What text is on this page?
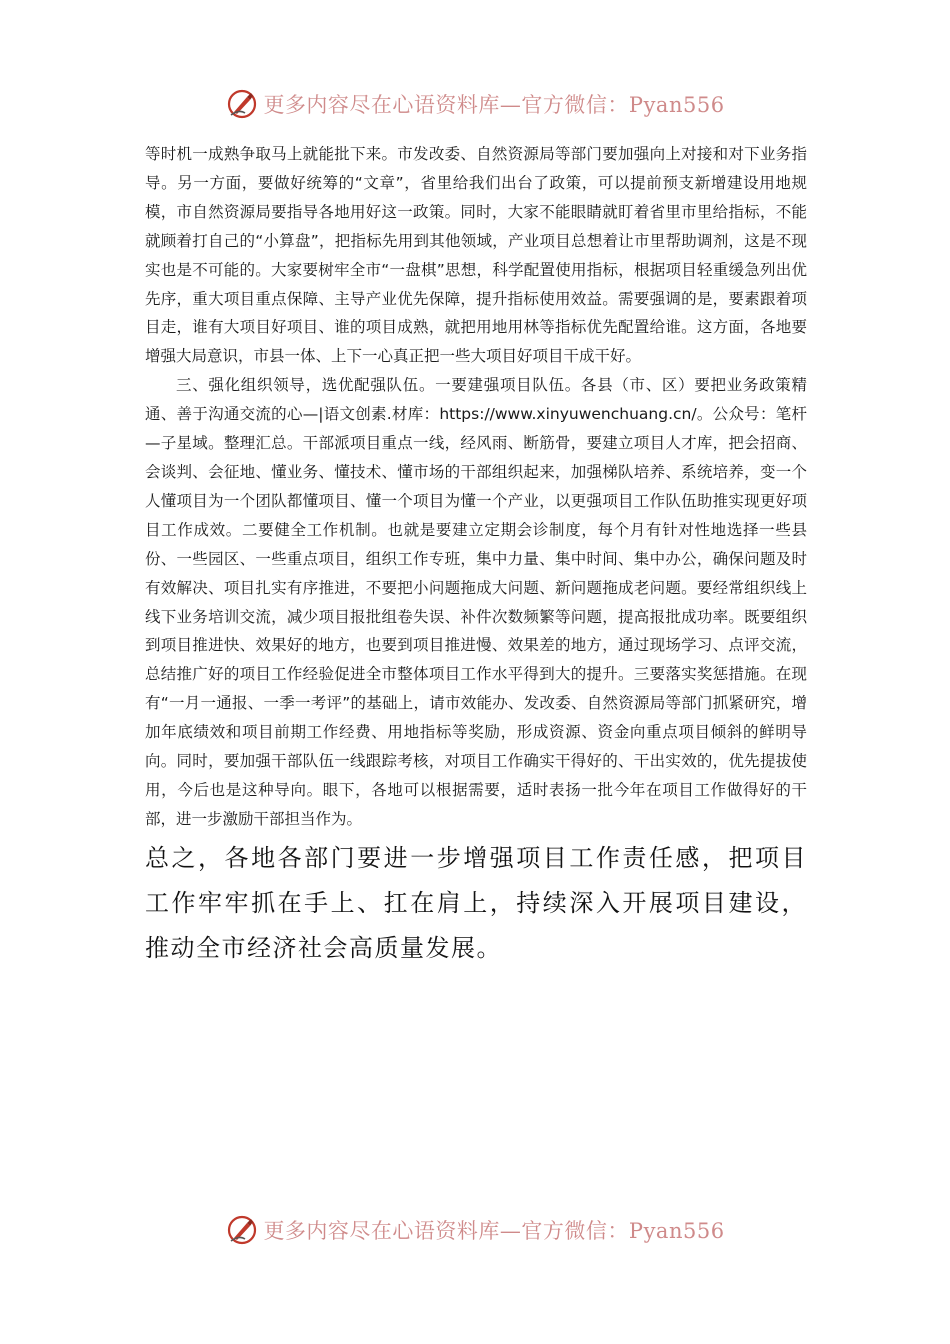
更多内容尽在心语资料库—官方微信：Pyan556

等时机一成熟争取马上就能批下来。市发改委、自然资源局等部门要加强向上对接和对下业务指导。另一方面，要做好统筹的“文章”，省里给我们出台了政策，可以提前预支新增建设用地规模，市自然资源局要指导各地用好这一政策。同时，大家不能眼睛就盯着省里市里给指标，不能就顾着打自己的“小算盘”，把指标先用到其他领域，产业项目总想着让市里帮助调剂，这是不现实也是不可能的。大家要树牢全市“一盘棋”思想，科学配置使用指标，根据项目轻重缓急列出优先序，重大项目重点保障、主导产业优先保障，提升指标使用效益。需要强调的是，要素跟着项目走，谁有大项目好项目、谁的项目成熟，就把用地用林等指标优先配置给谁。这方面，各地要增强大局意识，市县一体、上下一心真正把一些大项目好项目干成干好。

三、强化组织领导，选优配强队伍。一要建强项目队伍。各县（市、区）要把业务政策精通、善于沟通交流的心—|语文创素.材库：https://www.xinyuwenchuang.cn/。公众号：笔杆—子星域。整理汇总。干部派项目重点一线，经风雨、断筋骨，要建立项目人才库，把会招商、会谈判、会征地、懂业务、懂技术、懂市场的干部组织起来，加强梯队培养、系统培养，变一个人懂项目为一个团队都懂项目、懂一个项目为懂一个产业，以更强项目工作队伍助推实现更好项目工作成效。二要健全工作机制。也就是要建立定期会诊制度，每个月有针对性地选择一些县份、一些园区、一些重点项目，组织工作专班，集中力量、集中时间、集中办公，确保问题及时有效解决、项目扎实有序推进，不要把小问题拖成大问题、新问题拖成老问题。要经常组织线上线下业务培训交流，减少项目报批组卷失误、补件次数频繁等问题，提高报批成功率。既要组织到项目推进快、效果好的地方，也要到项目推进慢、效果差的地方，通过现场学习、点评交流，总结推广好的项目工作经验促进全市整体项目工作水平得到大的提升。三要落实奖惩措施。在现有“一月一通报、一季一考评”的基础上，请市效能办、发改委、自然资源局等部门抓紧研究，增加年底绩效和项目前期工作经费、用地指标等奖励，形成资源、资金向重点项目倾斜的鲜明导向。同时，要加强干部队伍一线跟踪考核，对项目工作确实干得好的、干出实效的，优先提拔使用，今后也是这种导向。眼下，各地可以根据需要，适时表扬一批今年在项目工作做得好的干部，进一步激励干部担当作为。

总之，各地各部门要进一步增强项目工作责任感，把项目工作牢牢抓在手上、扛在肩上，持续深入开展项目建设，推动全市经济社会高质量发展。

更多内容尽在心语资料库—官方微信：Pyan556
